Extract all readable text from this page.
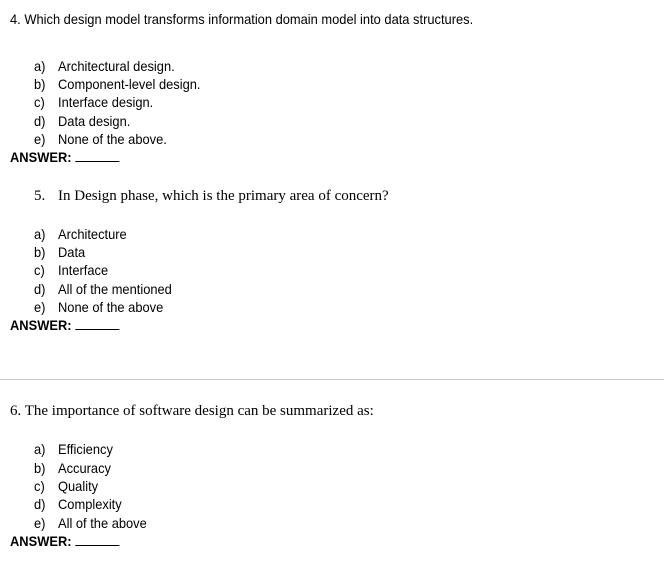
4. Which design model transforms information domain model into data structures.
a) Architectural design.
b) Component-level design.
c) Interface design.
d) Data design.
e) None of the above.
ANSWER:
5. In Design phase, which is the primary area of concern?
a) Architecture
b) Data
c) Interface
d) All of the mentioned
e) None of the above
ANSWER:
6. The importance of software design can be summarized as:
a) Efficiency
b) Accuracy
c) Quality
d) Complexity
e) All of the above
ANSWER:
